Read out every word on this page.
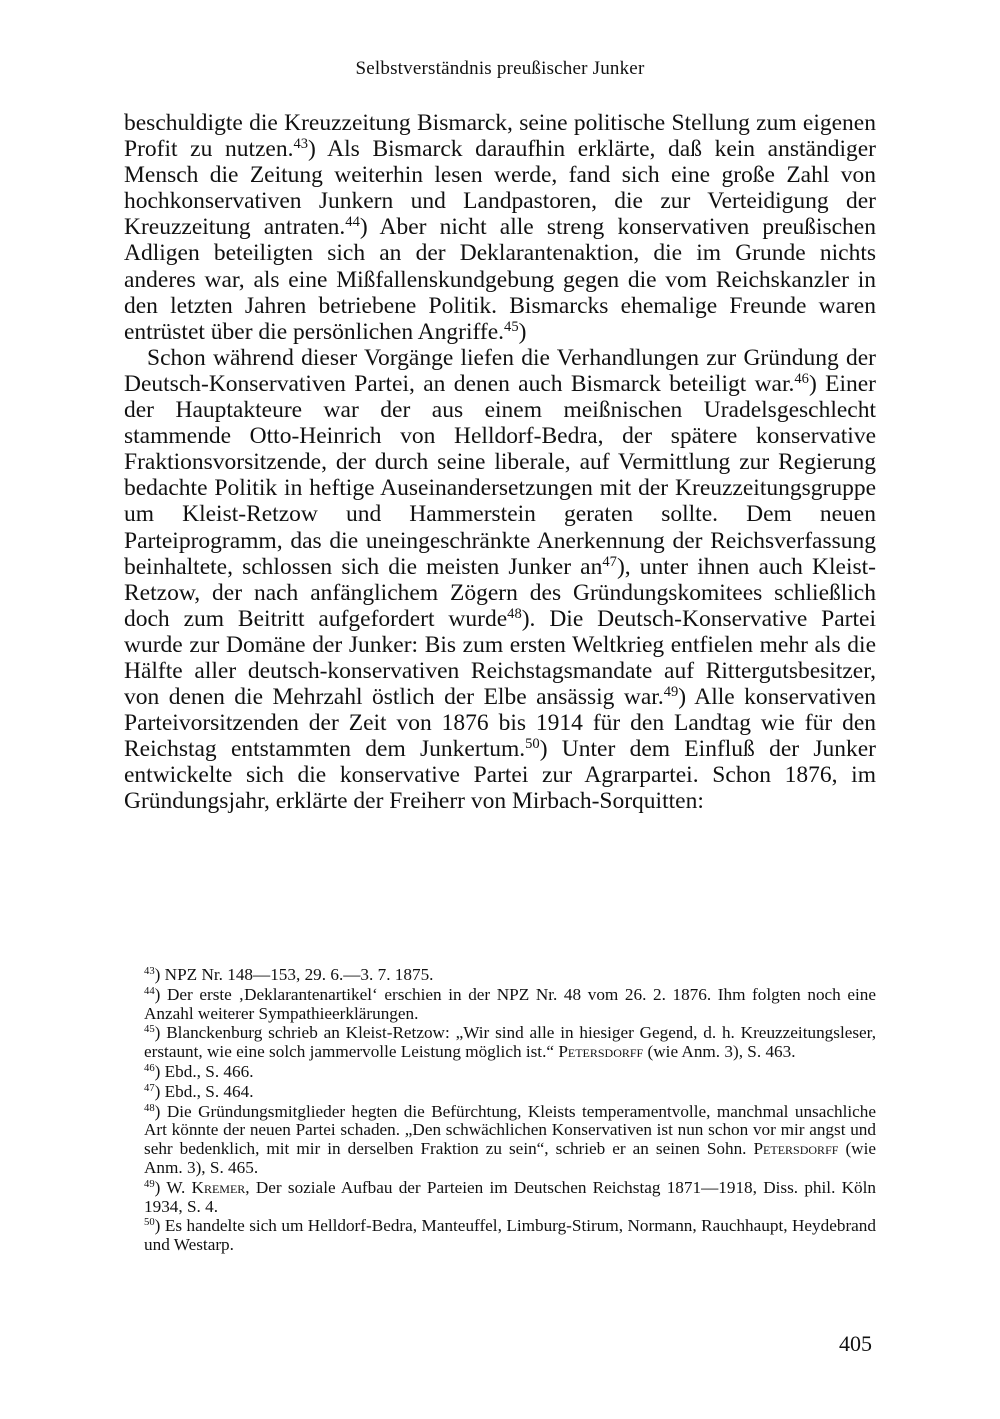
Selbstverständnis preußischer Junker

beschuldigte die Kreuzzeitung Bismarck, seine politische Stellung zum eigenen Profit zu nutzen.$^{43}$) Als Bismarck daraufhin erklärte, daß kein anständiger Mensch die Zeitung weiterhin lesen werde, fand sich eine große Zahl von hochkonservativen Junkern und Landpastoren, die zur Verteidigung der Kreuzzeitung antraten.$^{44}$) Aber nicht alle streng konservativen preußischen Adligen beteiligten sich an der Deklarantenaktion, die im Grunde nichts anderes war, als eine Mißfallenskundgebung gegen die vom Reichskanzler in den letzten Jahren betriebene Politik. Bismarcks ehemalige Freunde waren entrüstet über die persönlichen Angriffe.$^{45}$)

Schon während dieser Vorgänge liefen die Verhandlungen zur Gründung der Deutsch-Konservativen Partei, an denen auch Bismarck beteiligt war.$^{46}$) Einer der Hauptakteure war der aus einem meißnischen Uradelsgeschlecht stammende Otto-Heinrich von Helldorf-Bedra, der spätere konservative Fraktionsvorsitzende, der durch seine liberale, auf Vermittlung zur Regierung bedachte Politik in heftige Auseinandersetzungen mit der Kreuzzeitungsgruppe um Kleist-Retzow und Hammerstein geraten sollte. Dem neuen Parteiprogramm, das die uneingeschränkte Anerkennung der Reichsverfassung beinhaltete, schlossen sich die meisten Junker $an^{47}$), unter ihnen auch Kleist-Retzow, der nach anfänglichem Zögern des Gründungskomitees schließlich doch zum Beitritt aufgefordert wurde$^{48}$). Die Deutsch-Konservative Partei wurde zur Domäne der Junker: Bis zum ersten Weltkrieg entfielen mehr als die Hälfte aller deutsch-konservativen Reichstagsmandate auf Rittergutsbesitzer, von denen die Mehrzahl östlich der Elbe ansässig war.$^{49}$) Alle konservativen Parteivorsitzenden der Zeit von 1876 bis 1914 für den Landtag wie für den Reichstag entstammten dem Junkertum.$^{50}$) Unter dem Einfluß der Junker entwickelte sich die konservative Partei zur Agrarpartei. Schon 1876, im Gründungsjahr, erklärte der Freiherr von Mirbach-Sorquitten:

$^{43}$) NPZ Nr. 148—153, 29. 6.—3. 7. 1875.

$^{44}$) Der erste ‚Deklarantenartikel‘ erschien in der NPZ Nr. 48 vom 26. 2. 1876. Ihm folgten noch eine Anzahl weiterer Sympathieerklärungen.

$^{45}$) Blanckenburg schrieb an Kleist-Retzow: „Wir sind alle in hiesiger Gegend, d. h. Kreuzzeitungsleser, erstaunt, wie eine solch jammervolle Leistung möglich ist.“ Petersdorff (wie Anm. 3), S. 463.

$^{46}$) Ebd., S. 466.

$^{47}$) Ebd., S. 464.

$^{48}$) Die Gründungsmitglieder hegten die Befürchtung, Kleists temperamentvolle, manchmal unsachliche Art könnte der neuen Partei schaden. „Den schwächlichen Konservativen ist nun schon vor mir angst und sehr bedenklich, mit mir in derselben Fraktion zu sein“, schrieb er an seinen Sohn. Petersdorff (wie Anm. 3), S. 465.

$^{49}$) W. Kremer, Der soziale Aufbau der Parteien im Deutschen Reichstag 1871—1918, Diss. phil. Köln 1934, S. 4.

$^{50}$) Es handelte sich um Helldorf-Bedra, Manteuffel, Limburg-Stirum, Normann, Rauchhaupt, Heydebrand und Westarp.

405
